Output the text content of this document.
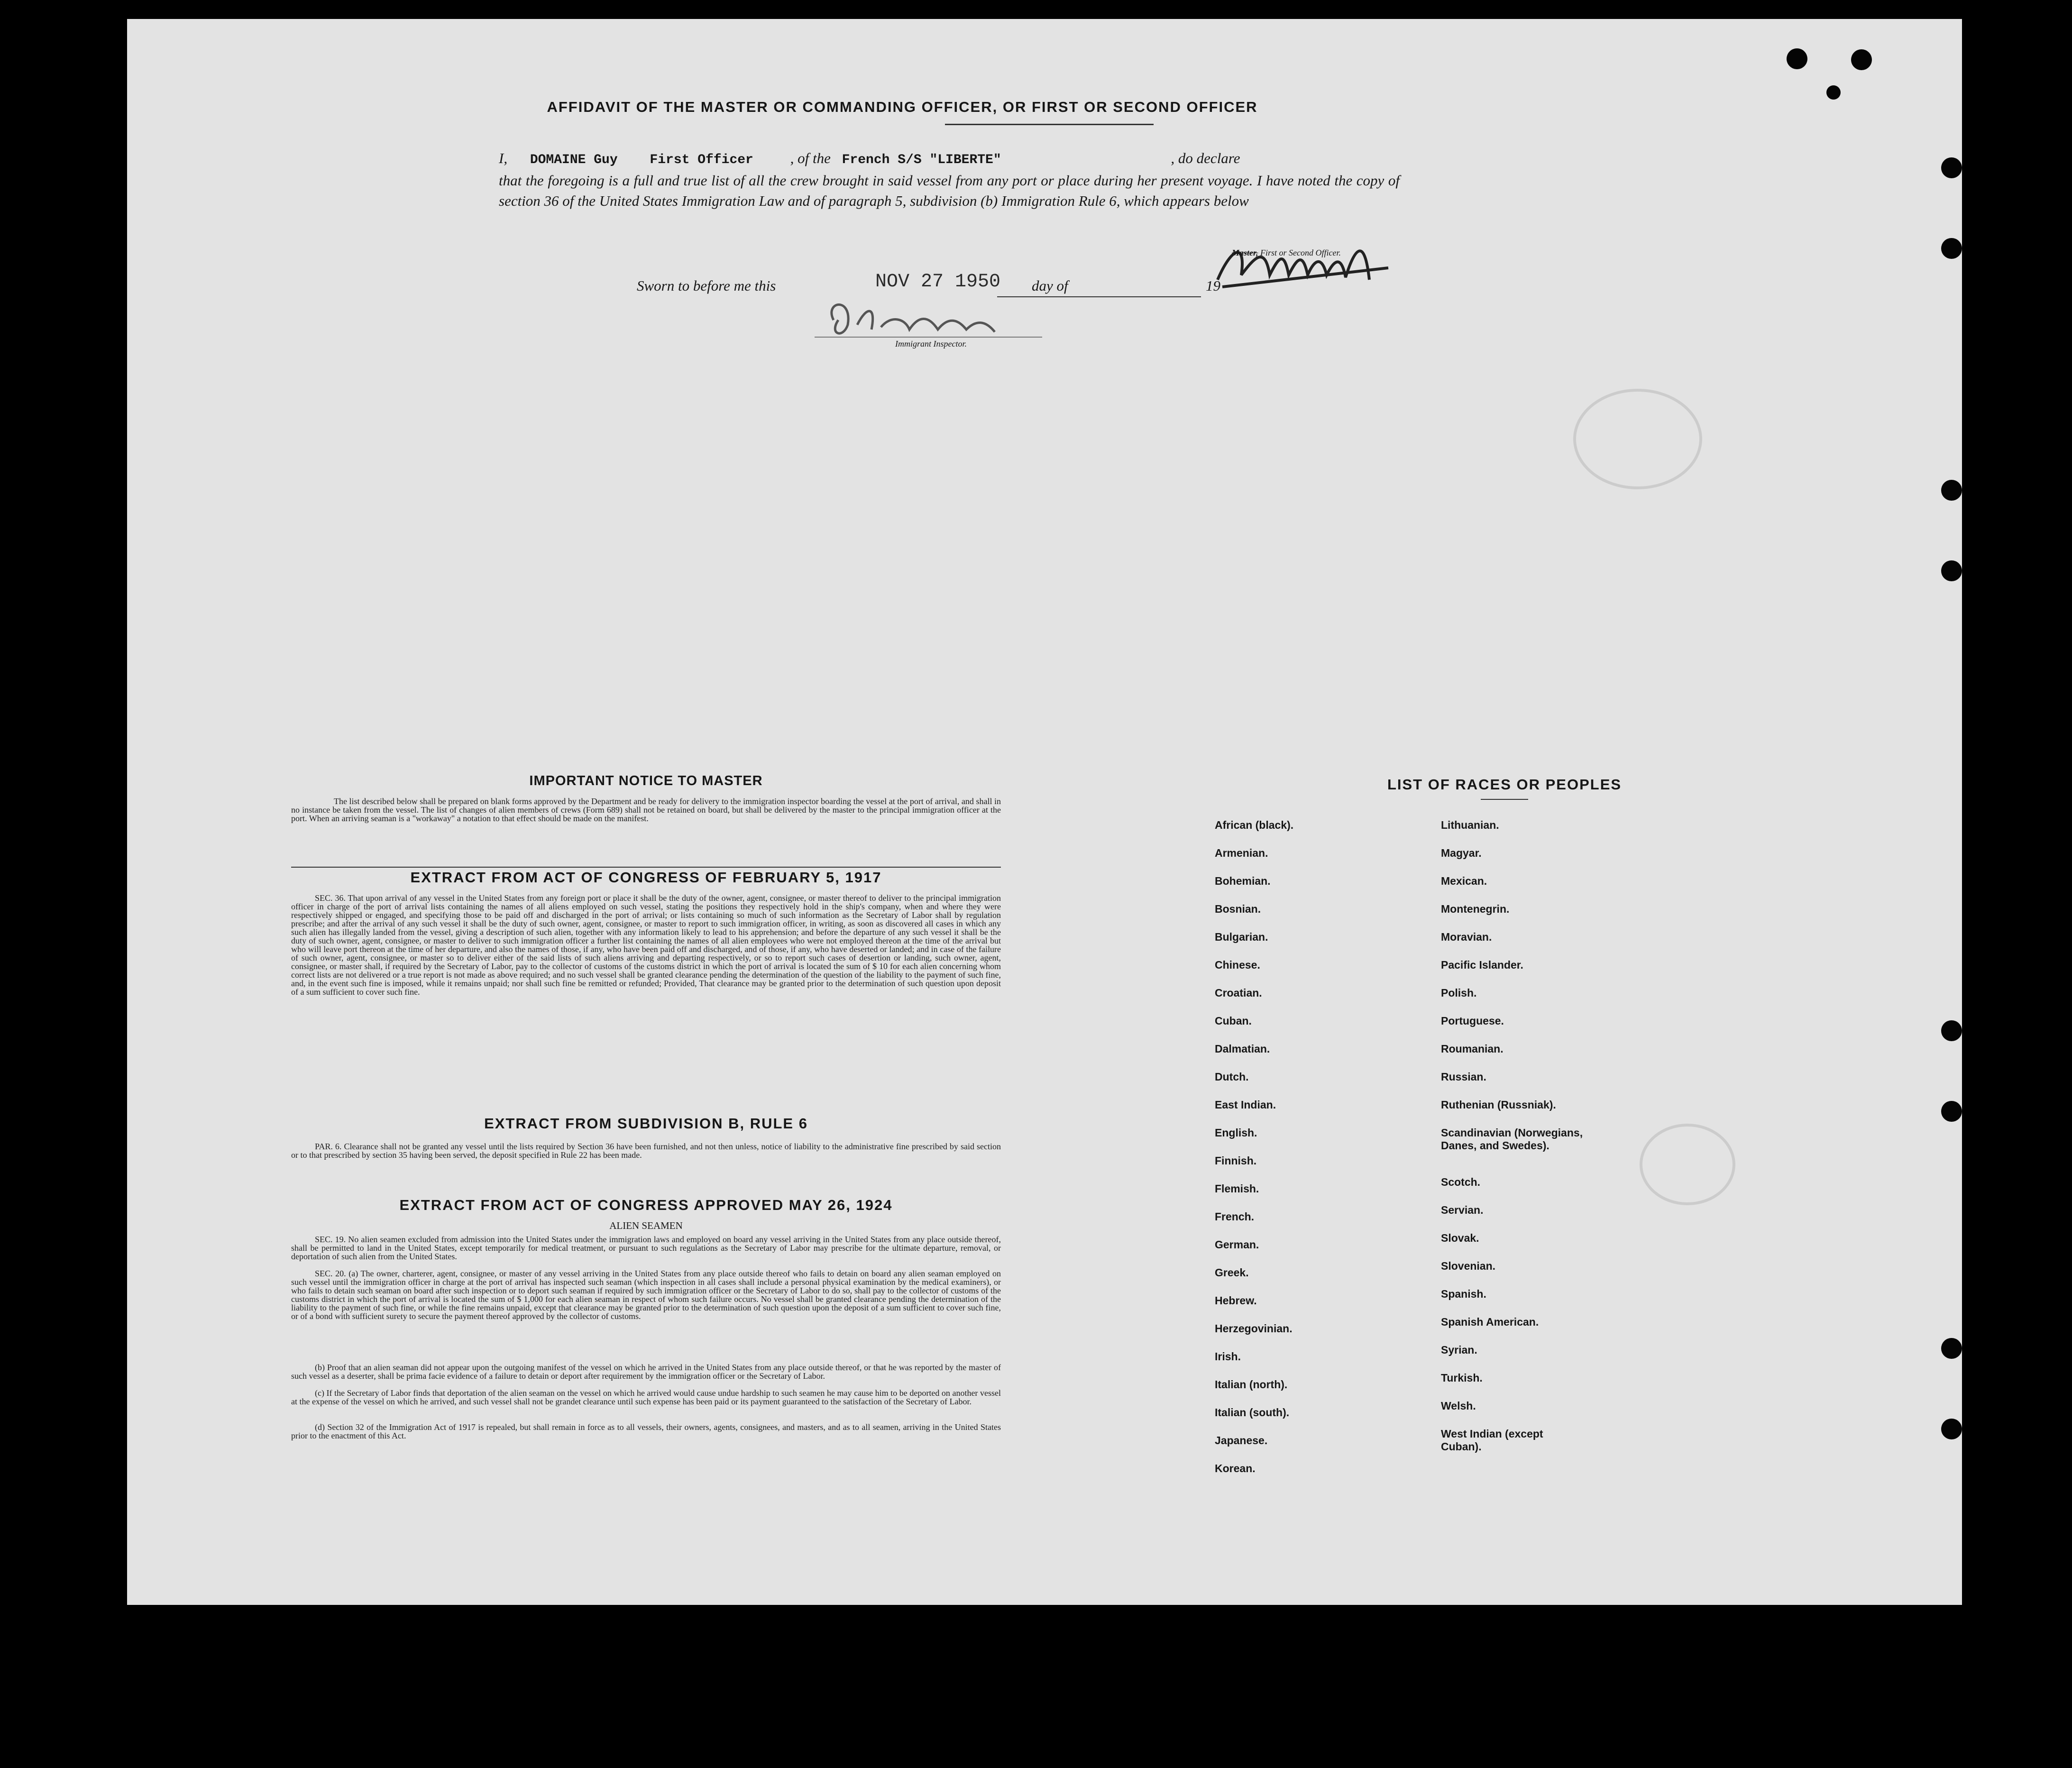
AFFIDAVIT OF THE MASTER OR COMMANDING OFFICER, OR FIRST OR SECOND OFFICER
I, DOMAINE Guy First Officer	, of the French S/S "LIBERTE"	, do declare
that the foregoing is a full and true list of all the crew brought in said vessel from any port or place during her present voyage. I have noted the copy of section 36 of the United States Immigration Law and of paragraph 5, subdivision (b) Immigration Rule 6, which appears below
Master, First or Second Officer.
Sworn to before me this	NOV 27 1950 day of	19
Immigrant Inspector.
IMPORTANT NOTICE TO MASTER
The list described below shall be prepared on blank forms approved by the Department and be ready for delivery to the immigration inspector boarding the vessel at the port of arrival, and shall in no instance be taken from the vessel. The list of changes of alien members of crews (Form 689) shall not be retained on board, but shall be delivered by the master to the principal immigration officer at the port. When an arriving seaman is a "workaway" a notation to that effect should be made on the manifest.
EXTRACT FROM ACT OF CONGRESS OF FEBRUARY 5, 1917
SEC. 36. That upon arrival of any vessel in the United States from any foreign port or place it shall be the duty of the owner, agent, consignee, or master thereof to deliver to the principal immigration officer in charge of the port of arrival lists containing the names of all aliens employed on such vessel, stating the positions they respectively hold in the ship's company, when and where they were respectively shipped or engaged, and specifying those to be paid off and discharged in the port of arrival; or lists containing so much of such information as the Secretary of Labor shall by regulation prescribe; and after the arrival of any such vessel it shall be the duty of such owner, agent, consignee, or master to report to such immigration officer, in writing, as soon as discovered all cases in which any such alien has illegally landed from the vessel, giving a description of such alien, together with any information likely to lead to his apprehension; and before the departure of any such vessel it shall be the duty of such owner, agent, consignee, or master to deliver to such immigration officer a further list containing the names of all alien employees who were not employed thereon at the time of the arrival but who will leave port thereon at the time of her departure, and also the names of those, if any, who have been paid off and discharged, and of those, if any, who have deserted or landed; and in case of the failure of such owner, agent, consignee, or master so to deliver either of the said lists of such aliens arriving and departing respectively, or so to report such cases of desertion or landing, such owner, agent, consignee, or master shall, if required by the Secretary of Labor, pay to the collector of customs of the customs district in which the port of arrival is located the sum of $ 10 for each alien concerning whom correct lists are not delivered or a true report is not made as above required; and no such vessel shall be granted clearance pending the determination of the question of the liability to the payment of such fine, and, in the event such fine is imposed, while it remains unpaid; nor shall such fine be remitted or refunded; Provided, That clearance may be granted prior to the determination of such question upon deposit of a sum sufficient to cover such fine.
EXTRACT FROM SUBDIVISION B, RULE 6
PAR. 6. Clearance shall not be granted any vessel until the lists required by Section 36 have been furnished, and not then unless, notice of liability to the administrative fine prescribed by said section or to that prescribed by section 35 having been served, the deposit specified in Rule 22 has been made.
EXTRACT FROM ACT OF CONGRESS APPROVED MAY 26, 1924
ALIEN SEAMEN
SEC. 19. No alien seamen excluded from admission into the United States under the immigration laws and employed on board any vessel arriving in the United States from any place outside thereof, shall be permitted to land in the United States, except temporarily for medical treatment, or pursuant to such regulations as the Secretary of Labor may prescribe for the ultimate departure, removal, or deportation of such alien from the United States.
SEC. 20. (a) The owner, charterer, agent, consignee, or master of any vessel arriving in the United States from any place outside thereof who fails to detain on board any alien seaman employed on such vessel until the immigration officer in charge at the port of arrival has inspected such seaman (which inspection in all cases shall include a personal physical examination by the medical examiners), or who fails to detain such seaman on board after such inspection or to deport such seaman if required by such immigration officer or the Secretary of Labor to do so, shall pay to the collector of customs of the customs district in which the port of arrival is located the sum of $ 1,000 for each alien seaman in respect of whom such failure occurs. No vessel shall be granted clearance pending the determination of the liability to the payment of such fine, or while the fine remains unpaid, except that clearance may be granted prior to the determination of such question upon the deposit of a sum sufficient to cover such fine, or of a bond with sufficient surety to secure the payment thereof approved by the collector of customs.
(b) Proof that an alien seaman did not appear upon the outgoing manifest of the vessel on which he arrived in the United States from any place outside thereof, or that he was reported by the master of such vessel as a deserter, shall be prima facie evidence of a failure to detain or deport after requirement by the immigration officer or the Secretary of Labor.
(c) If the Secretary of Labor finds that deportation of the alien seaman on the vessel on which he arrived would cause undue hardship to such seamen he may cause him to be deported on another vessel at the expense of the vessel on which he arrived, and such vessel shall not be grandet clearance until such expense has been paid or its payment guaranteed to the satisfaction of the Secretary of Labor.
(d) Section 32 of the Immigration Act of 1917 is repealed, but shall remain in force as to all vessels, their owners, agents, consignees, and masters, and as to all seamen, arriving in the United States prior to the enactment of this Act.
LIST OF RACES OR PEOPLES
African (black).
Armenian.
Bohemian.
Bosnian.
Bulgarian.
Chinese.
Croatian.
Cuban.
Dalmatian.
Dutch.
East Indian.
English.
Finnish.
Flemish.
French.
German.
Greek.
Hebrew.
Herzegovinian.
Irish.
Italian (north).
Italian (south).
Japanese.
Korean.
Lithuanian.
Magyar.
Mexican.
Montenegrin.
Moravian.
Pacific Islander.
Polish.
Portuguese.
Roumanian.
Russian.
Ruthenian (Russniak).
Scandinavian (Norwegians, Danes, and Swedes).
Scotch.
Servian.
Slovak.
Slovenian.
Spanish.
Spanish American.
Syrian.
Turkish.
Welsh.
West Indian (except Cuban).
